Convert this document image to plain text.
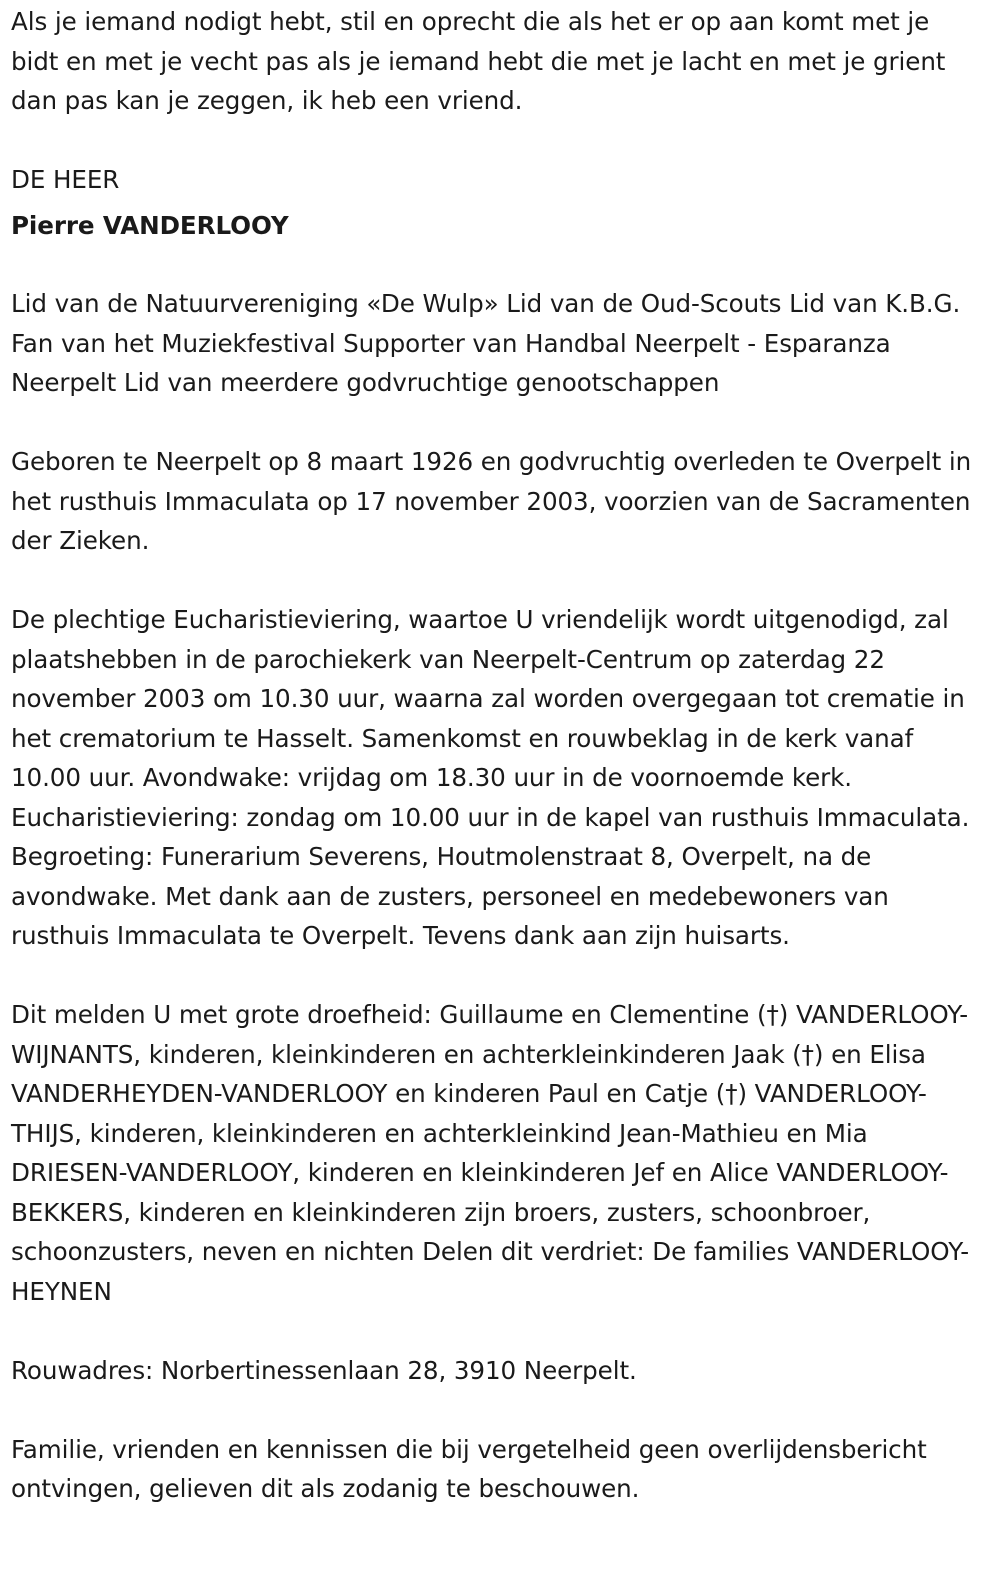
Als je iemand nodigt hebt, stil en oprecht die als het er op aan komt met je bidt en met je vecht pas als je iemand hebt die met je lacht en met je grient dan pas kan je zeggen, ik heb een vriend.

DE HEER

Pierre VANDERLOOY

Lid van de Natuurvereniging «De Wulp» Lid van de Oud-Scouts Lid van K.B.G. Fan van het Muziekfestival Supporter van Handbal Neerpelt - Esparanza Neerpelt Lid van meerdere godvruchtige genootschappen

Geboren te Neerpelt op 8 maart 1926 en godvruchtig overleden te Overpelt in het rusthuis Immaculata op 17 november 2003, voorzien van de Sacramenten der Zieken.

De plechtige Eucharistieviering, waartoe U vriendelijk wordt uitgenodigd, zal plaatshebben in de parochiekerk van Neerpelt-Centrum op zaterdag 22 november 2003 om 10.30 uur, waarna zal worden overgegaan tot crematie in het crematorium te Hasselt. Samenkomst en rouwbeklag in de kerk vanaf 10.00 uur. Avondwake: vrijdag om 18.30 uur in de voornoemde kerk. Eucharistieviering: zondag om 10.00 uur in de kapel van rusthuis Immaculata. Begroeting: Funerarium Severens, Houtmolenstraat 8, Overpelt, na de avondwake. Met dank aan de zusters, personeel en medebewoners van rusthuis Immaculata te Overpelt. Tevens dank aan zijn huisarts.

Dit melden U met grote droefheid: Guillaume en Clementine (†) VANDERLOOY-WIJNANTS, kinderen, kleinkinderen en achterkleinkinderen Jaak (†) en Elisa VANDERHEYDEN-VANDERLOOY en kinderen Paul en Catje (†) VANDERLOOY-THIJS, kinderen, kleinkinderen en achterkleinkind Jean-Mathieu en Mia DRIESEN-VANDERLOOY, kinderen en kleinkinderen Jef en Alice VANDERLOOY-BEKKERS, kinderen en kleinkinderen zijn broers, zusters, schoonbroer, schoonzusters, neven en nichten Delen dit verdriet: De families VANDERLOOY-HEYNEN

Rouwadres: Norbertinessenlaan 28, 3910 Neerpelt.

Familie, vrienden en kennissen die bij vergetelheid geen overlijdensbericht ontvingen, gelieven dit als zodanig te beschouwen.
